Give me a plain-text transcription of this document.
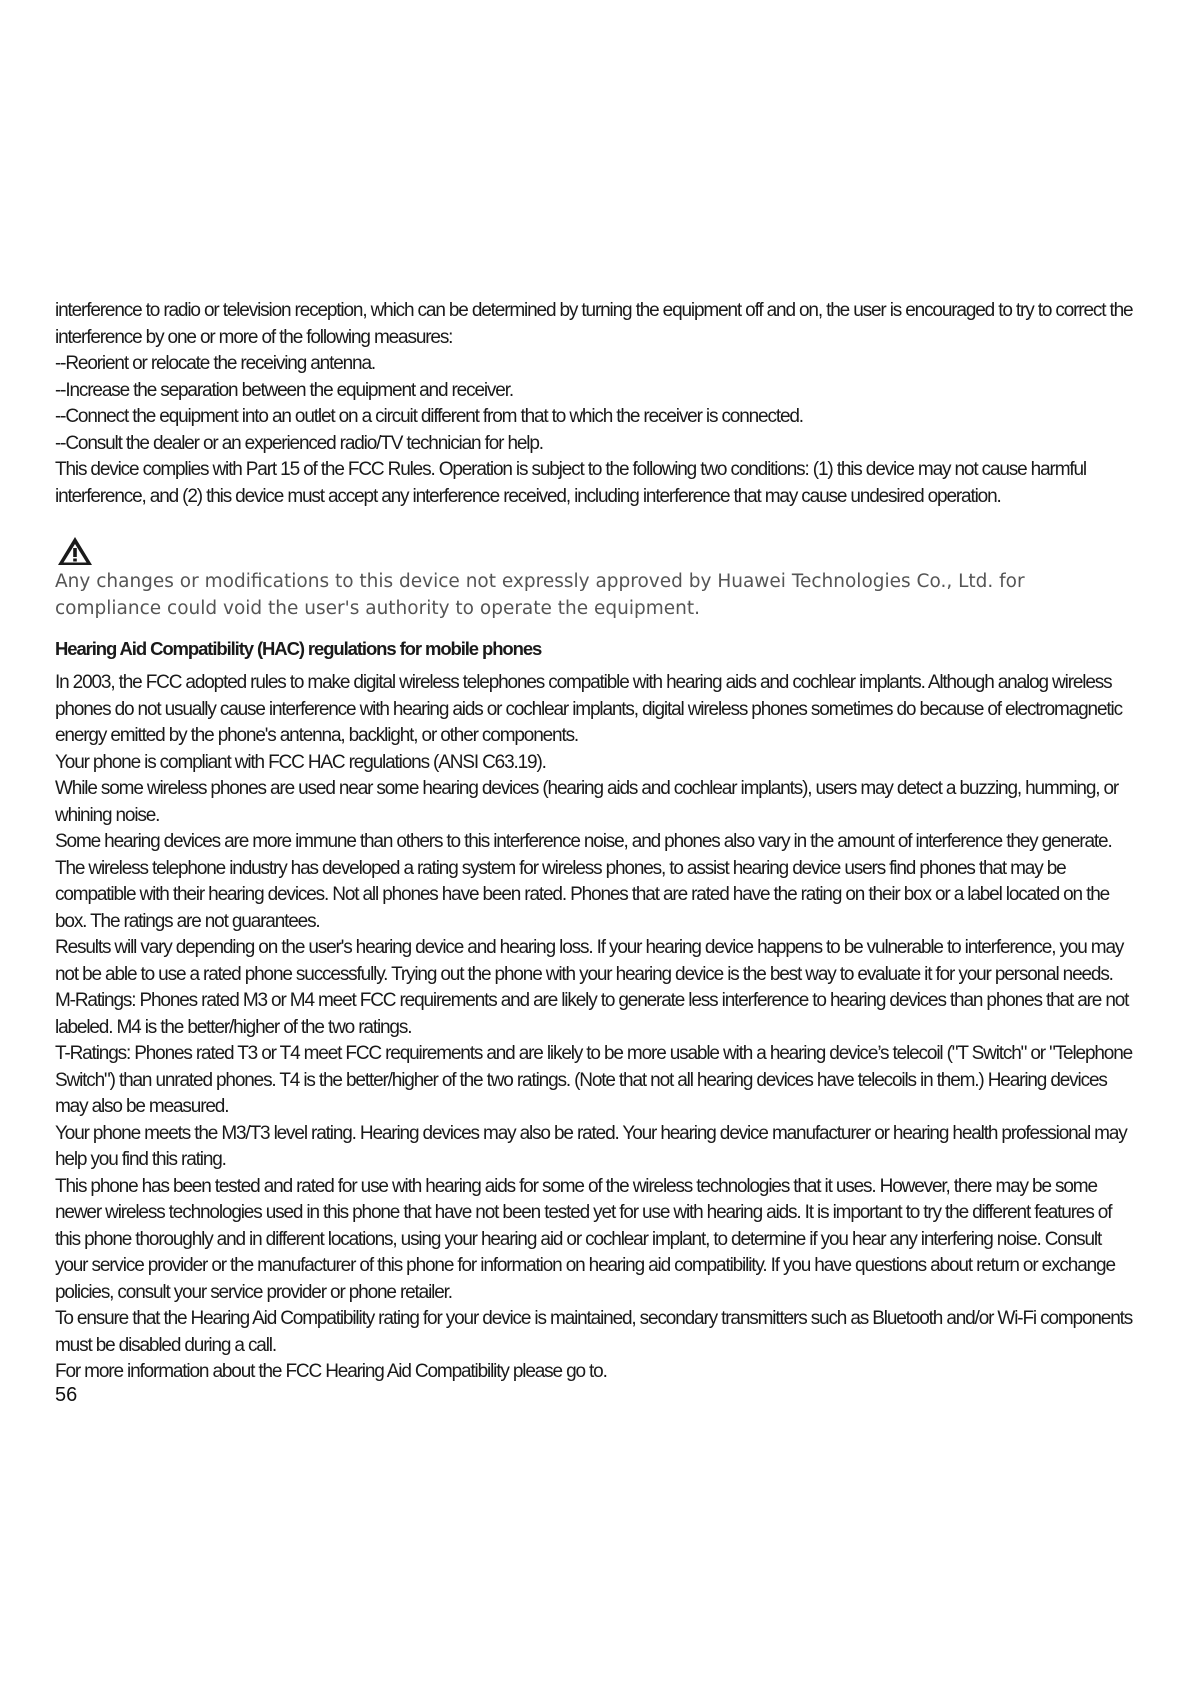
interference to radio or television reception, which can be determined by turning the equipment off and on, the user is encouraged to try to correct the interference by one or more of the following measures:

--Reorient or relocate the receiving antenna.

--Increase the separation between the equipment and receiver.

--Connect the equipment into an outlet on a circuit different from that to which the receiver is connected.

--Consult the dealer or an experienced radio/TV technician for help.

This device complies with Part 15 of the FCC Rules. Operation is subject to the following two conditions: (1) this device may not cause harmful interference, and (2) this device must accept any interference received, including interference that may cause undesired operation.

Any changes or modifications to this device not expressly approved by Huawei Technologies Co., Ltd. for compliance could void the user's authority to operate the equipment.

Hearing Aid Compatibility (HAC) regulations for mobile phones

In 2003, the FCC adopted rules to make digital wireless telephones compatible with hearing aids and cochlear implants. Although analog wireless phones do not usually cause interference with hearing aids or cochlear implants, digital wireless phones sometimes do because of electromagnetic energy emitted by the phone's antenna, backlight, or other components.

Your phone is compliant with FCC HAC regulations (ANSI C63.19).

While some wireless phones are used near some hearing devices (hearing aids and cochlear implants), users may detect a buzzing, humming, or whining noise.

Some hearing devices are more immune than others to this interference noise, and phones also vary in the amount of interference they generate. The wireless telephone industry has developed a rating system for wireless phones, to assist hearing device users find phones that may be compatible with their hearing devices. Not all phones have been rated. Phones that are rated have the rating on their box or a label located on the box. The ratings are not guarantees.

Results will vary depending on the user's hearing device and hearing loss. If your hearing device happens to be vulnerable to interference, you may not be able to use a rated phone successfully. Trying out the phone with your hearing device is the best way to evaluate it for your personal needs.

M-Ratings: Phones rated M3 or M4 meet FCC requirements and are likely to generate less interference to hearing devices than phones that are not labeled. M4 is the better/higher of the two ratings.

T-Ratings: Phones rated T3 or T4 meet FCC requirements and are likely to be more usable with a hearing device’s telecoil ("T Switch" or "Telephone Switch") than unrated phones. T4 is the better/higher of the two ratings. (Note that not all hearing devices have telecoils in them.) Hearing devices may also be measured.

Your phone meets the M3/T3 level rating. Hearing devices may also be rated. Your hearing device manufacturer or hearing health professional may help you find this rating.

This phone has been tested and rated for use with hearing aids for some of the wireless technologies that it uses. However, there may be some newer wireless technologies used in this phone that have not been tested yet for use with hearing aids. It is important to try the different features of this phone thoroughly and in different locations, using your hearing aid or cochlear implant, to determine if you hear any interfering noise. Consult your service provider or the manufacturer of this phone for information on hearing aid compatibility. If you have questions about return or exchange policies, consult your service provider or phone retailer.

To ensure that the Hearing Aid Compatibility rating for your device is maintained, secondary transmitters such as Bluetooth and/or Wi-Fi components must be disabled during a call.

For more information about the FCC Hearing Aid Compatibility please go to.

56
